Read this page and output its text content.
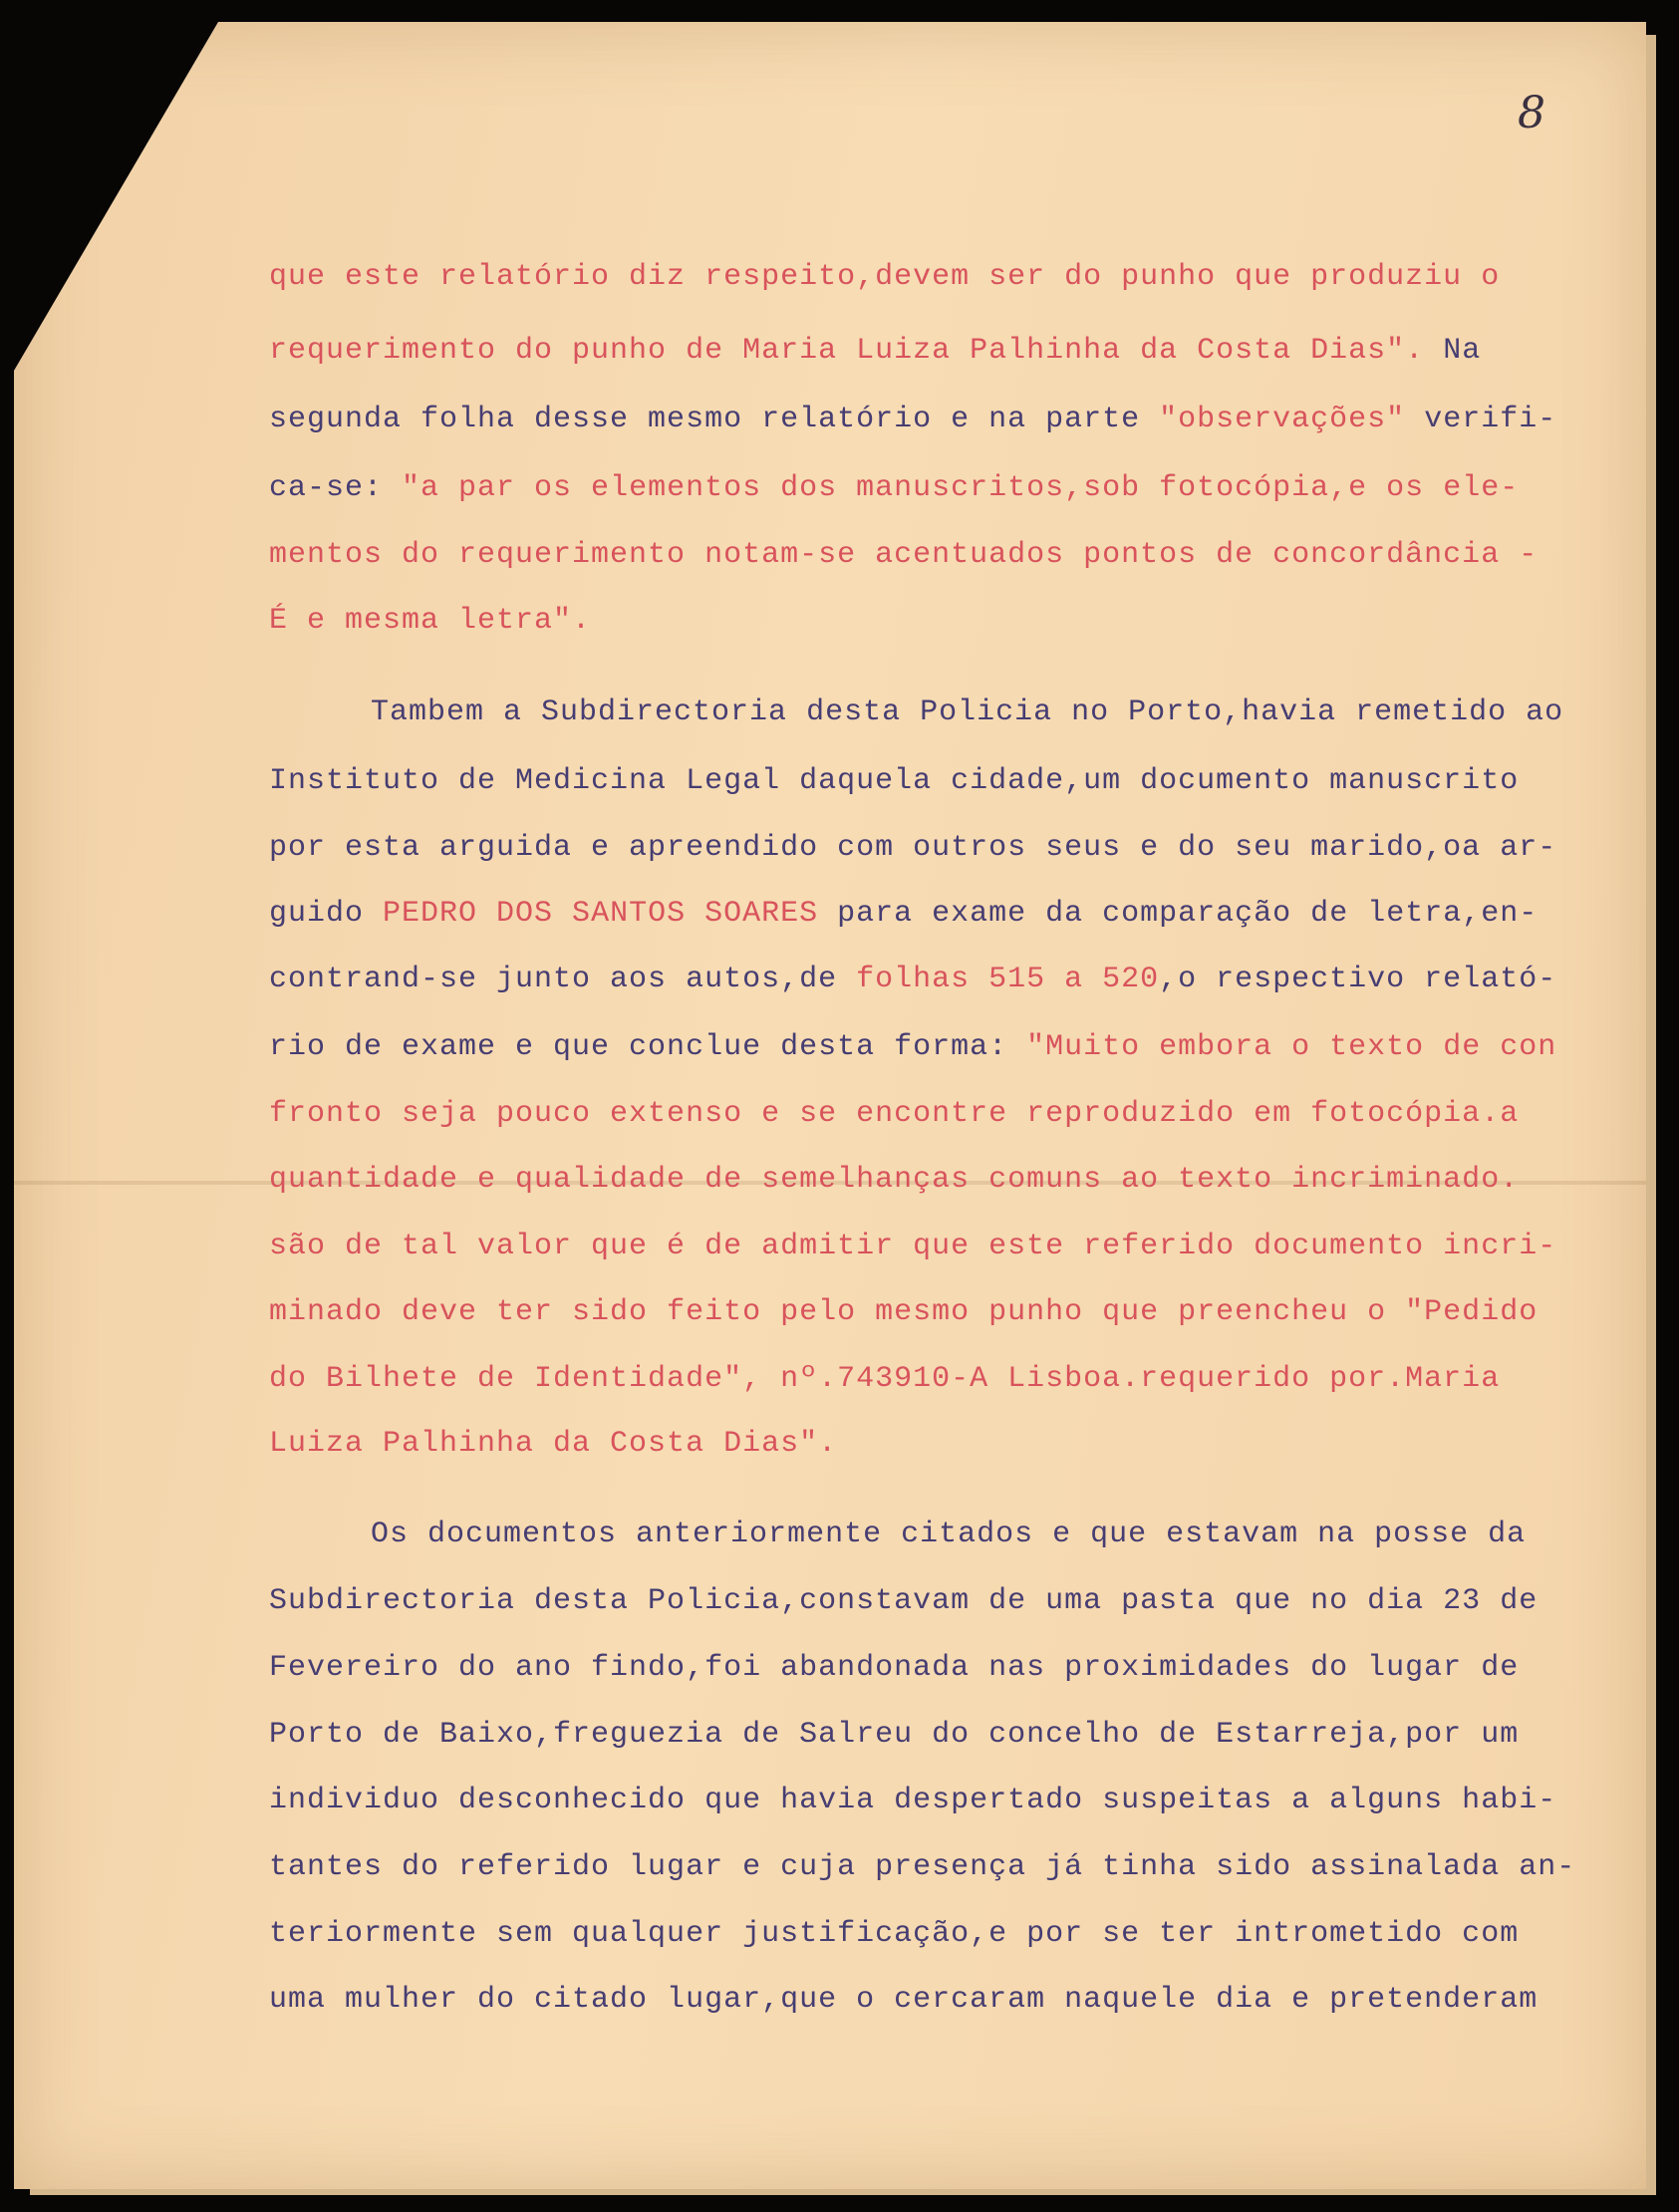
8
que este relatório diz respeito,devem ser do punho que produziu o
requerimento do punho de Maria Luiza Palhinha da Costa Dias". Na
segunda folha desse mesmo relatório e na parte "observações" verifi-
ca-se: "a par os elementos dos manuscritos,sob fotocópia,e os ele-
mentos do requerimento notam-se acentuados pontos de concordância -
É e mesma letra".
Tambem a Subdirectoria desta Policia no Porto,havia remetido ao
Instituto de Medicina Legal daquela cidade,um documento manuscrito
por esta arguida e apreendido com outros seus e do seu marido,oa ar-
guido PEDRO DOS SANTOS SOARES para exame da comparação de letra,en-
contrand-se junto aos autos,de folhas 515 a 520,o respectivo relató-
rio de exame e que conclue desta forma: "Muito embora o texto de con
fronto seja pouco extenso e se encontre reproduzido em fotocópia.a
quantidade e qualidade de semelhanças comuns ao texto incriminado.
são de tal valor que é de admitir que este referido documento incri-
minado deve ter sido feito pelo mesmo punho que preencheu o "Pedido
do Bilhete de Identidade", nº.743910-A Lisboa.requerido por.Maria
Luiza Palhinha da Costa Dias".
Os documentos anteriormente citados e que estavam na posse da
Subdirectoria desta Policia,constavam de uma pasta que no dia 23 de
Fevereiro do ano findo,foi abandonada nas proximidades do lugar de
Porto de Baixo,freguezia de Salreu do concelho de Estarreja,por um
individuo desconhecido que havia despertado suspeitas a alguns habi-
tantes do referido lugar e cuja presença já tinha sido assinalada an-
teriormente sem qualquer justificação,e por se ter intrometido com
uma mulher do citado lugar,que o cercaram naquele dia e pretenderam
